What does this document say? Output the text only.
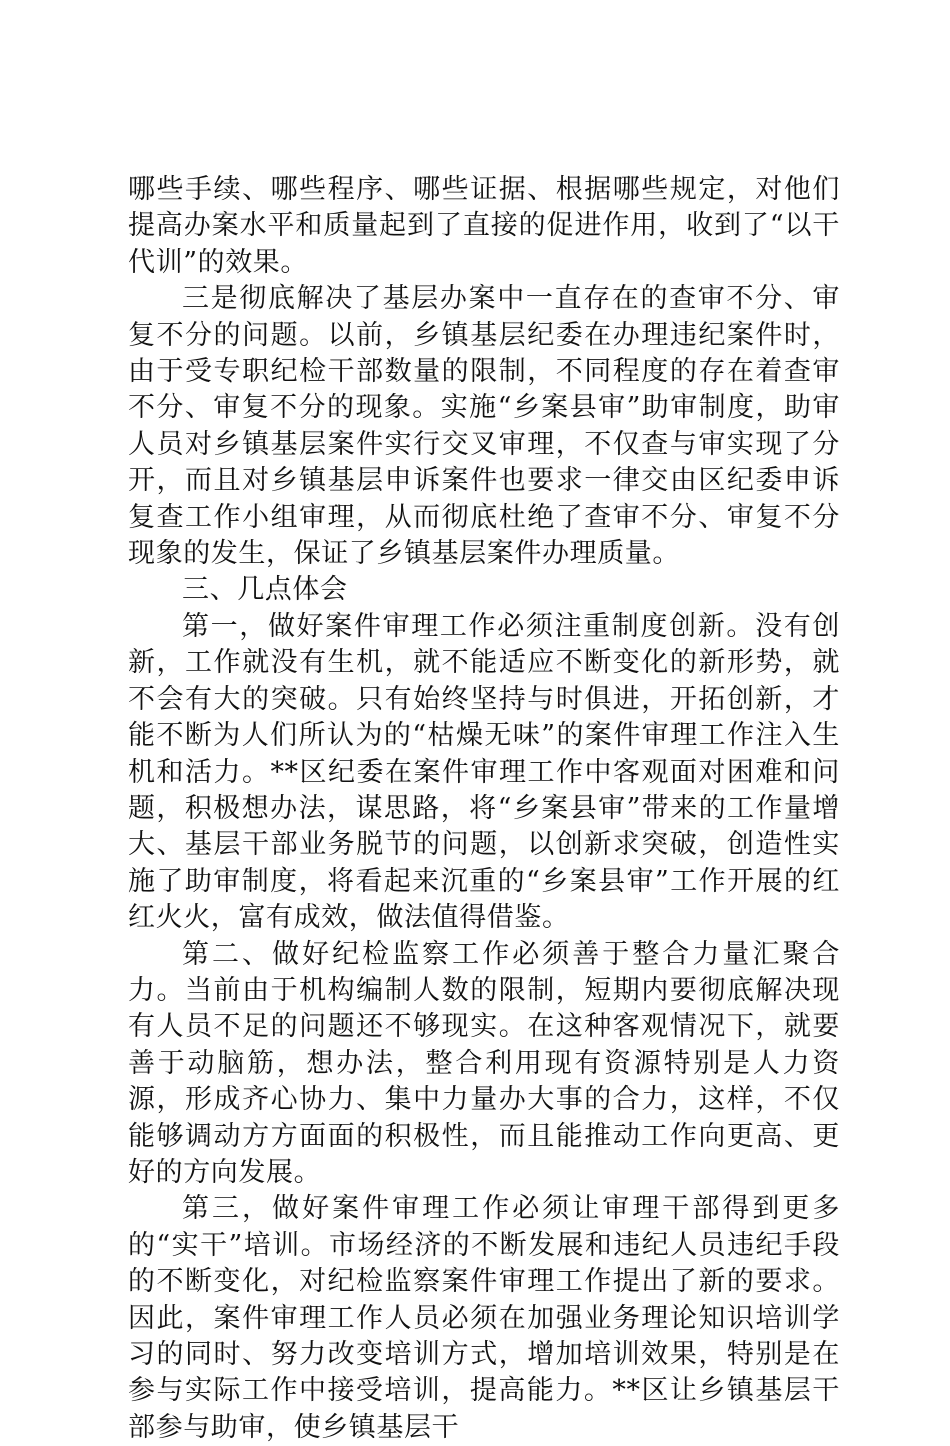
哪些手续、哪些程序、哪些证据、根据哪些规定，对他们提高办案水平和质量起到了直接的促进作用，收到了“以干代训”的效果。

三是彻底解决了基层办案中一直存在的查审不分、审复不分的问题。以前，乡镇基层纪委在办理违纪案件时，由于受专职纪检干部数量的限制，不同程度的存在着查审不分、审复不分的现象。实施“乡案县审”助审制度，助审人员对乡镇基层案件实行交叉审理，不仅查与审实现了分开，而且对乡镇基层申诉案件也要求一律交由区纪委申诉复查工作小组审理，从而彻底杜绝了查审不分、审复不分现象的发生，保证了乡镇基层案件办理质量。

三、几点体会

第一，做好案件审理工作必须注重制度创新。没有创新，工作就没有生机，就不能适应不断变化的新形势，就不会有大的突破。只有始终坚持与时俱进，开拓创新，才能不断为人们所认为的“枯燥无味”的案件审理工作注入生机和活力。**区纪委在案件审理工作中客观面对困难和问题，积极想办法，谋思路，将“乡案县审”带来的工作量增大、基层干部业务脱节的问题，以创新求突破，创造性实施了助审制度，将看起来沉重的“乡案县审”工作开展的红红火火，富有成效，做法值得借鉴。

第二、做好纪检监察工作必须善于整合力量汇聚合力。当前由于机构编制人数的限制，短期内要彻底解决现有人员不足的问题还不够现实。在这种客观情况下，就要善于动脑筋，想办法，整合利用现有资源特别是人力资源，形成齐心协力、集中力量办大事的合力，这样，不仅能够调动方方面面的积极性，而且能推动工作向更高、更好的方向发展。

第三，做好案件审理工作必须让审理干部得到更多的“实干”培训。市场经济的不断发展和违纪人员违纪手段的不断变化，对纪检监察案件审理工作提出了新的要求。因此，案件审理工作人员必须在加强业务理论知识培训学习的同时、努力改变培训方式，增加培训效果，特别是在参与实际工作中接受培训，提高能力。**区让乡镇基层干部参与助审，使乡镇基层干
